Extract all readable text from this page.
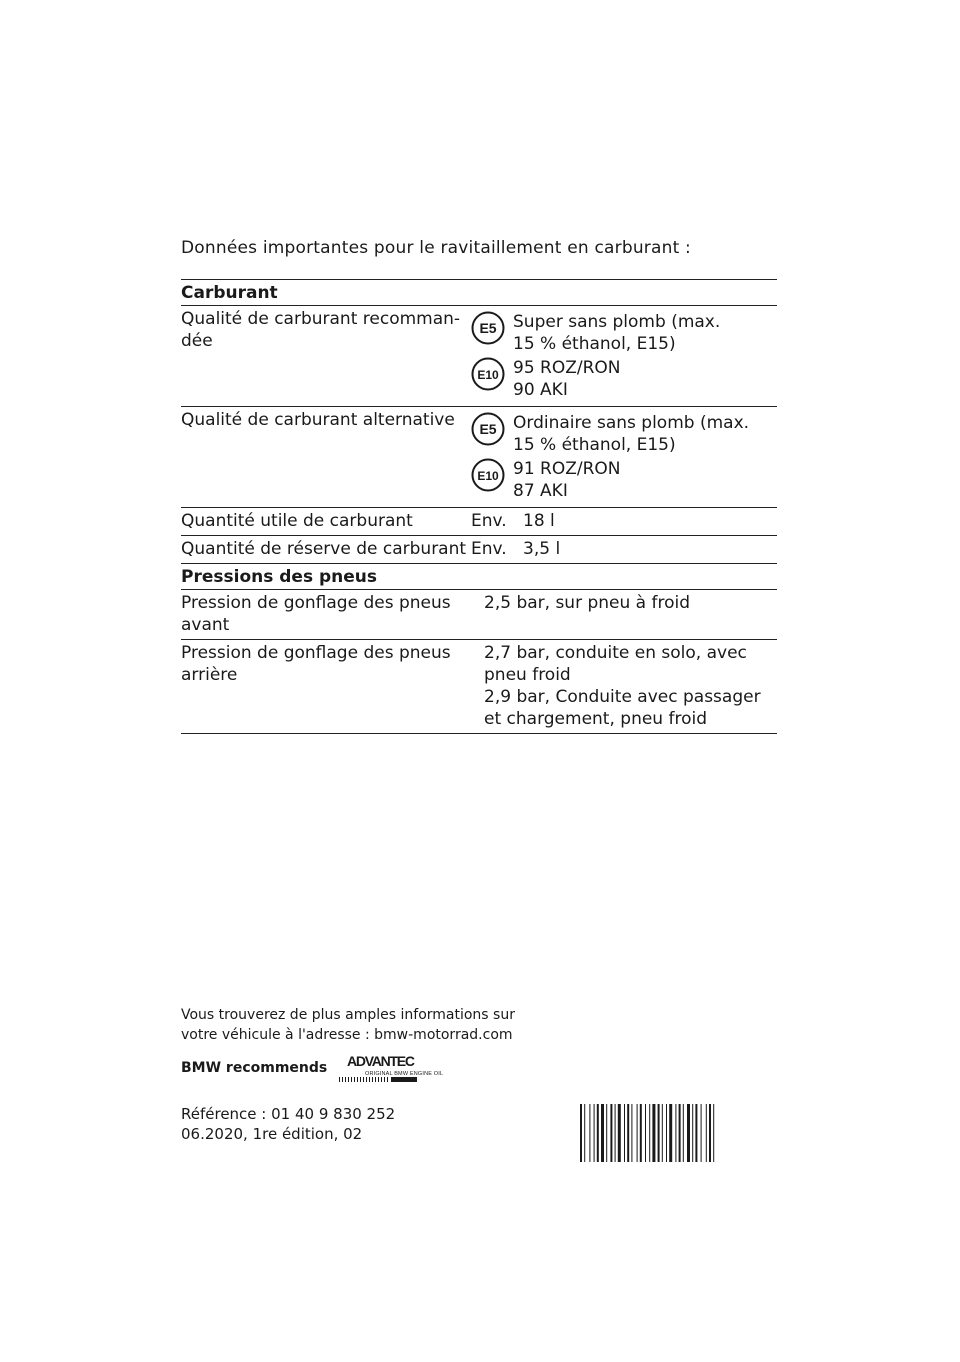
Données importantes pour le ravitaillement en carburant :
Carburant
Qualité de carburant recomman-dée
E5 Super sans plomb (max.
15 % éthanol, E15)
E10 95 ROZ/RON
90 AKI
Qualité de carburant alternative	E5 Ordinaire sans plomb (max.
15 % éthanol, E15)
E10 91 ROZ/RON
87 AKI
Quantité utile de carburant	Env. 18 l
Quantité de réserve de carburant Env. 3,5 l
Pressions des pneus
Pression de gonflage des pneus avant
2,5 bar, sur pneu à froid
Pression de gonflage des pneus arrière
2,7 bar, conduite en solo, avec pneu froid
2,9 bar, Conduite avec passager et chargement, pneu froid
Vous trouverez de plus amples informations sur
votre véhicule à l'adresse : bmw-motorrad.com
BMW recommends ADVANTEC
ORIGINAL BMW ENGINE OIL
Référence : 01 40 9 830 252
06.2020, 1re édition, 02
